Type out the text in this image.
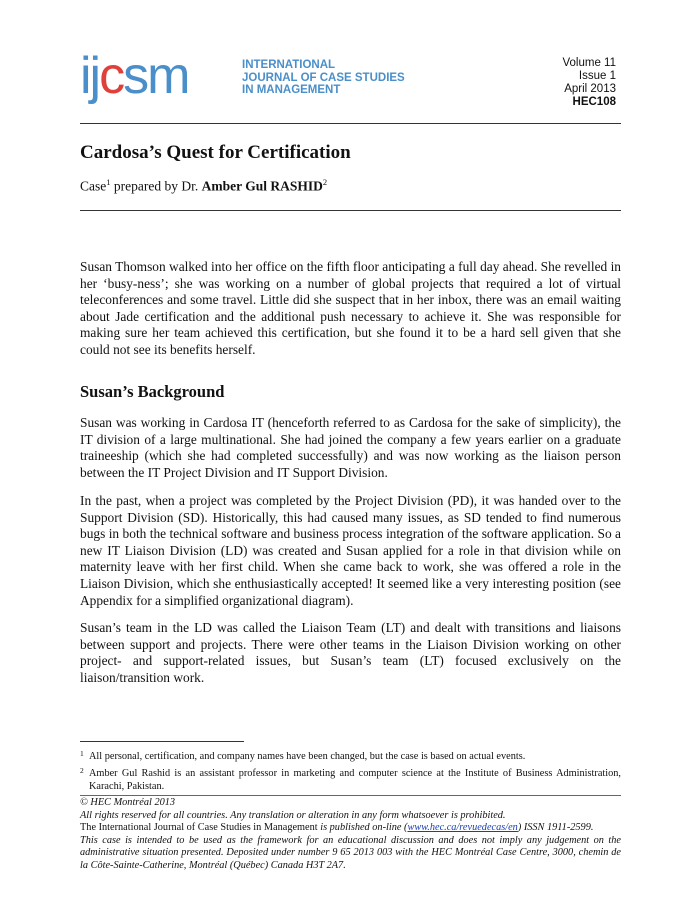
ijcsm	INTERNATIONAL
JOURNAL OF CASE STUDIES
IN MANAGEMENT
Volume 11
Issue 1
April 2013
HEC108
Cardosa’s Quest for Certification
Case$^1$ prepared by Dr. Amber Gul RASHID$^2$
Susan Thomson walked into her office on the fifth floor anticipating a full day ahead. She revelled in her ‘busy-ness’; she was working on a number of global projects that required a lot of virtual teleconferences and some travel. Little did she suspect that in her inbox, there was an email waiting about Jade certification and the additional push necessary to achieve it. She was responsible for making sure her team achieved this certification, but she found it to be a hard sell given that she could not see its benefits herself.
Susan’s Background
Susan was working in Cardosa IT (henceforth referred to as Cardosa for the sake of simplicity), the IT division of a large multinational. She had joined the company a few years earlier on a graduate traineeship (which she had completed successfully) and was now working as the liaison person between the IT Project Division and IT Support Division.
In the past, when a project was completed by the Project Division (PD), it was handed over to the Support Division (SD). Historically, this had caused many issues, as SD tended to find numerous bugs in both the technical software and business process integration of the software application. So a new IT Liaison Division (LD) was created and Susan applied for a role in that division while on maternity leave with her first child. When she came back to work, she was offered a role in the Liaison Division, which she enthusiastically accepted! It seemed like a very interesting position (see Appendix for a simplified organizational diagram).
Susan’s team in the LD was called the Liaison Team (LT) and dealt with transitions and liaisons between support and projects. There were other teams in the Liaison Division working on other project- and support-related issues, but Susan’s team (LT) focused exclusively on the liaison/transition work.
1 All personal, certification, and company names have been changed, but the case is based on actual events.
2 Amber Gul Rashid is an assistant professor in marketing and computer science at the Institute of Business Administration, Karachi, Pakistan.
© HEC Montréal 2013
All rights reserved for all countries. Any translation or alteration in any form whatsoever is prohibited.
The International Journal of Case Studies in Management is published on-line (www.hec.ca/revuedecas/en) ISSN 1911-2599.
This case is intended to be used as the framework for an educational discussion and does not imply any judgement on the administrative situation presented. Deposited under number 9 65 2013 003 with the HEC Montréal Case Centre, 3000, chemin de la Côte-Sainte-Catherine, Montréal (Québec) Canada H3T 2A7.
